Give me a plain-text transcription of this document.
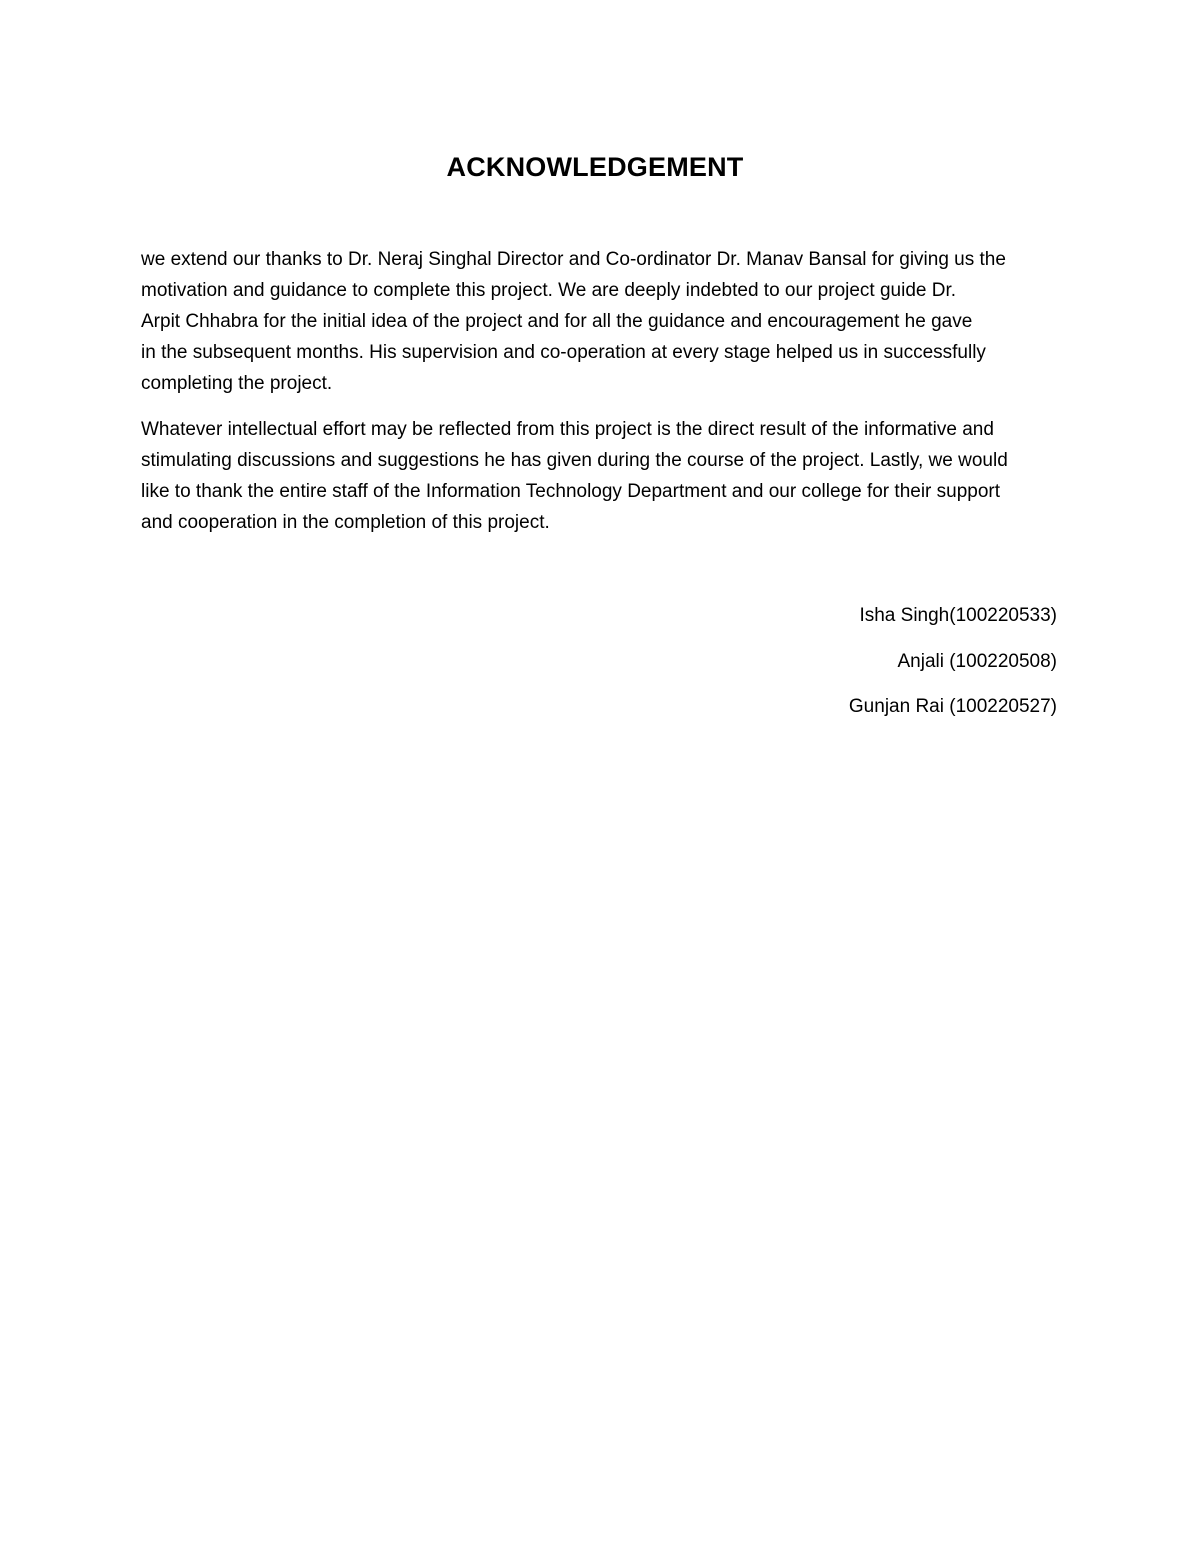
ACKNOWLEDGEMENT

we extend our thanks to Dr. Neraj Singhal Director and Co-ordinator Dr. Manav Bansal for giving us the
motivation and guidance to complete this project. We are deeply indebted to our project guide Dr.
Arpit Chhabra for the initial idea of the project and for all the guidance and encouragement he gave
in the subsequent months. His supervision and co-operation at every stage helped us in successfully
completing the project.

Whatever intellectual effort may be reflected from this project is the direct result of the informative and
stimulating discussions and suggestions he has given during the course of the project. Lastly, we would
like to thank the entire staff of the Information Technology Department and our college for their support
and cooperation in the completion of this project.

Isha Singh(100220533)
Anjali (100220508)
Gunjan Rai (100220527)
